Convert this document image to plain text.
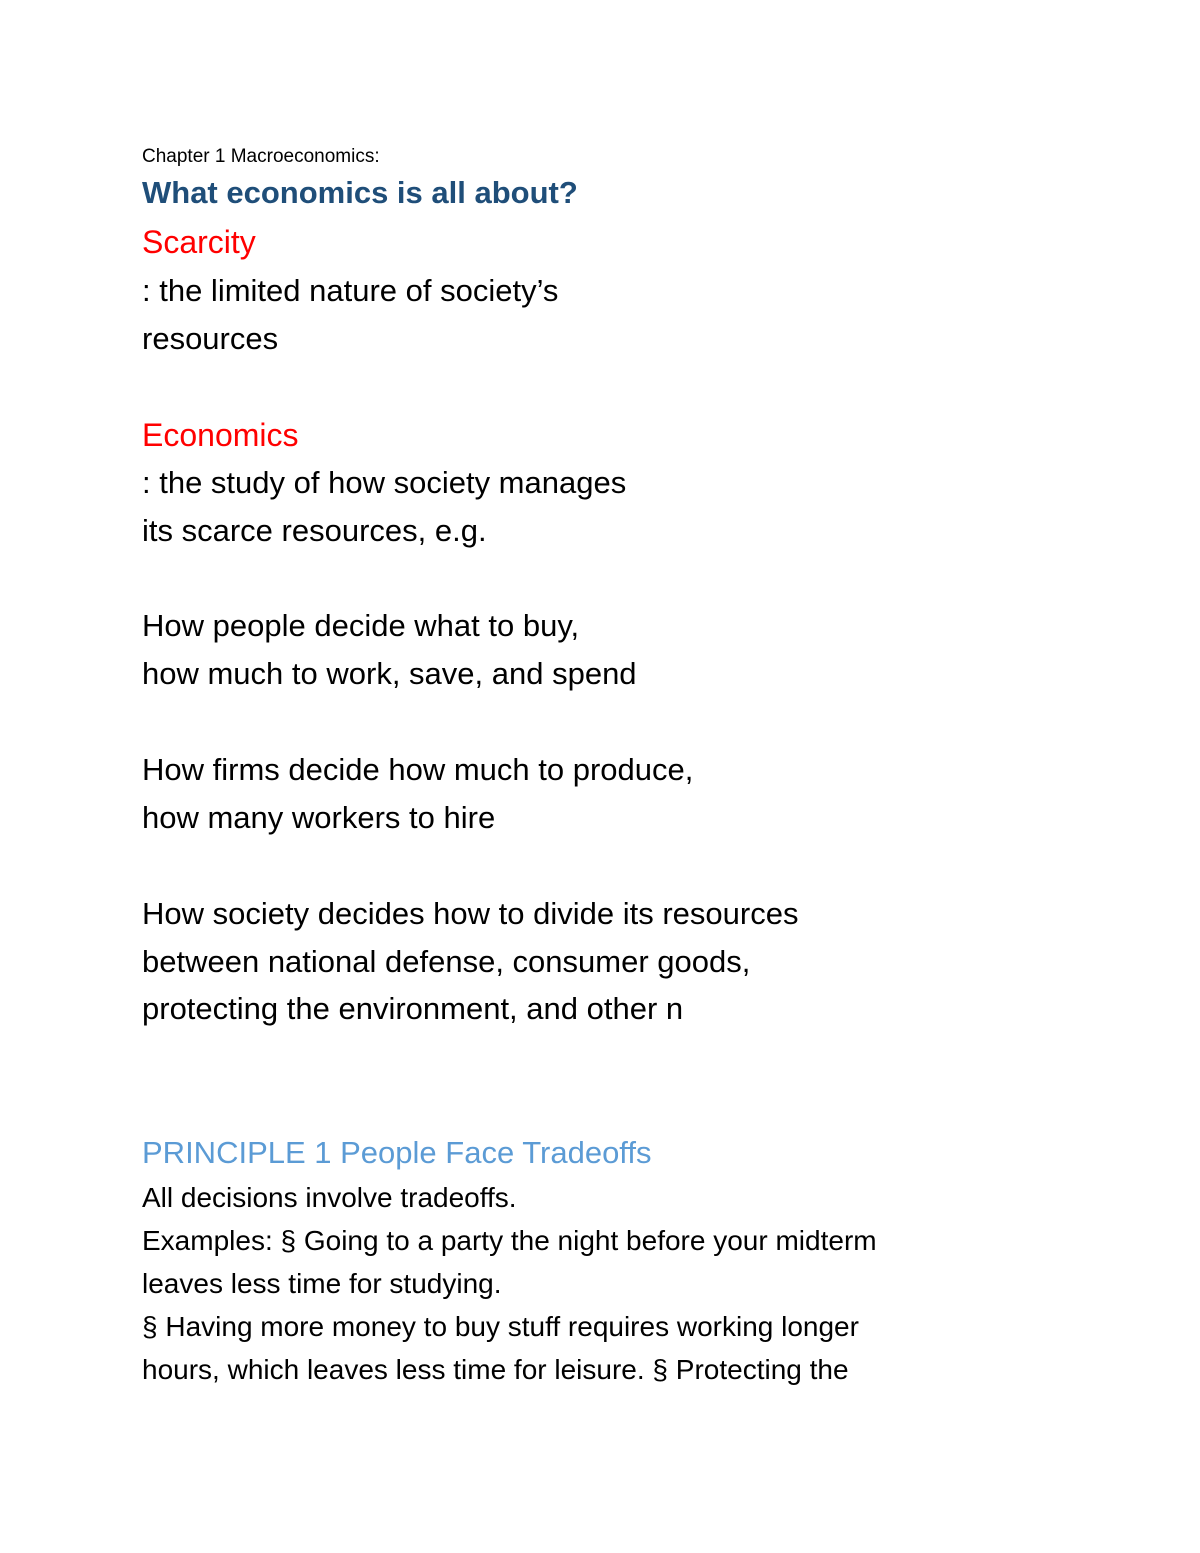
Chapter 1 Macroeconomics:

What economics is all about?

Scarcity

: the limited nature of society’s

resources

Economics

: the study of how society manages

its scarce resources, e.g.

How people decide what to buy,

how much to work, save, and spend

How firms decide how much to produce,

how many workers to hire

How society decides how to divide its resources

between national defense, consumer goods,

protecting the environment, and other n

PRINCIPLE 1 People Face Tradeoffs

All decisions involve tradeoffs.

Examples: § Going to a party the night before your midterm

leaves less time for studying.

§ Having more money to buy stuff requires working longer

hours, which leaves less time for leisure. § Protecting the
